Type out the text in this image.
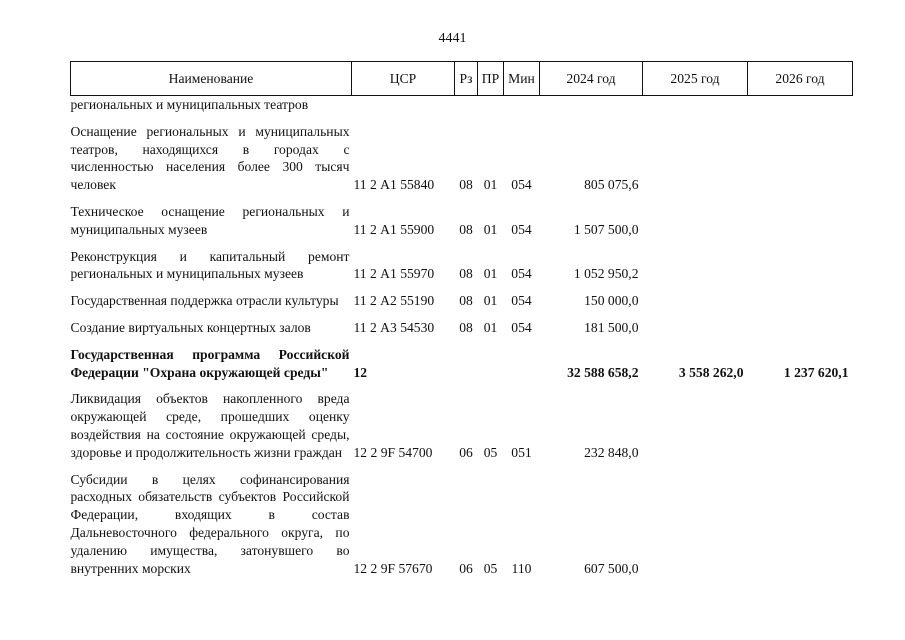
4441
Наименование	ЦСР	Рз	ПР	Мин	2024 год	2025 год	2026 год
региональных и муниципальных театров							
Оснащение региональных и муниципальных театров, находящихся в городах с численностью населения более 300 тысяч человек	11 2 А1 55840	08	01	054	805 075,6		
Техническое оснащение региональных и муниципальных музеев	11 2 А1 55900	08	01	054	1 507 500,0		
Реконструкция и капитальный ремонт региональных и муниципальных музеев	11 2 А1 55970	08	01	054	1 052 950,2		
Государственная поддержка отрасли культуры	11 2 А2 55190	08	01	054	150 000,0		
Создание виртуальных концертных залов	11 2 А3 54530	08	01	054	181 500,0		
Государственная программа Российской Федерации "Охрана окружающей среды"	12				32 588 658,2	3 558 262,0	1 237 620,1
Ликвидация объектов накопленного вреда окружающей среде, прошедших оценку воздействия на состояние окружающей среды, здоровье и продолжительность жизни граждан	12 2 9F 54700	06	05	051	232 848,0		
Субсидии в целях софинансирования расходных обязательств субъектов Российской Федерации, входящих в состав Дальневосточного федерального округа, по удалению имущества, затонувшего во внутренних морских	12 2 9F 57670	06	05	110	607 500,0		
